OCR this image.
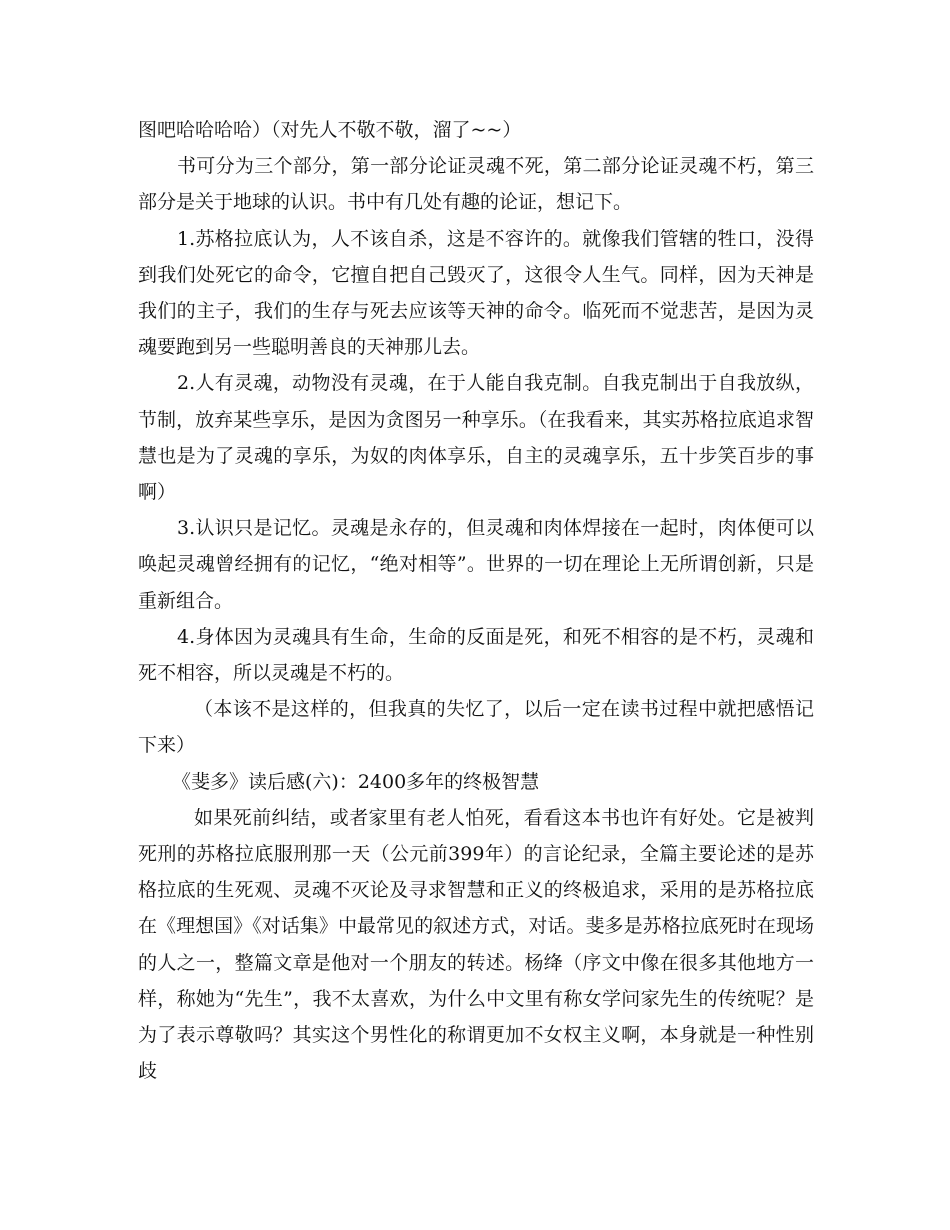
图吧哈哈哈哈）（对先人不敬不敬，溜了~~）

书可分为三个部分，第一部分论证灵魂不死，第二部分论证灵魂不朽，第三部分是关于地球的认识。书中有几处有趣的论证，想记下。

1.苏格拉底认为，人不该自杀，这是不容许的。就像我们管辖的牲口，没得到我们处死它的命令，它擅自把自己毁灭了，这很令人生气。同样，因为天神是我们的主子，我们的生存与死去应该等天神的命令。临死而不觉悲苦，是因为灵魂要跑到另一些聪明善良的天神那儿去。

2.人有灵魂，动物没有灵魂，在于人能自我克制。自我克制出于自我放纵，节制，放弃某些享乐，是因为贪图另一种享乐。（在我看来，其实苏格拉底追求智慧也是为了灵魂的享乐，为奴的肉体享乐，自主的灵魂享乐，五十步笑百步的事啊）

3.认识只是记忆。灵魂是永存的，但灵魂和肉体焊接在一起时，肉体便可以唤起灵魂曾经拥有的记忆，“绝对相等”。世界的一切在理论上无所谓创新，只是重新组合。

4.身体因为灵魂具有生命，生命的反面是死，和死不相容的是不朽，灵魂和死不相容，所以灵魂是不朽的。

（本该不是这样的，但我真的失忆了，以后一定在读书过程中就把感悟记下来）

《斐多》读后感(六)：2400多年的终极智慧

如果死前纠结，或者家里有老人怕死，看看这本书也许有好处。它是被判死刑的苏格拉底服刑那一天（公元前399年）的言论纪录，全篇主要论述的是苏格拉底的生死观、灵魂不灭论及寻求智慧和正义的终极追求，采用的是苏格拉底在《理想国》《对话集》中最常见的叙述方式，对话。斐多是苏格拉底死时在现场的人之一，整篇文章是他对一个朋友的转述。杨绛（序文中像在很多其他地方一样，称她为“先生”，我不太喜欢，为什么中文里有称女学问家先生的传统呢？是为了表示尊敬吗？其实这个男性化的称谓更加不女权主义啊，本身就是一种性别歧
